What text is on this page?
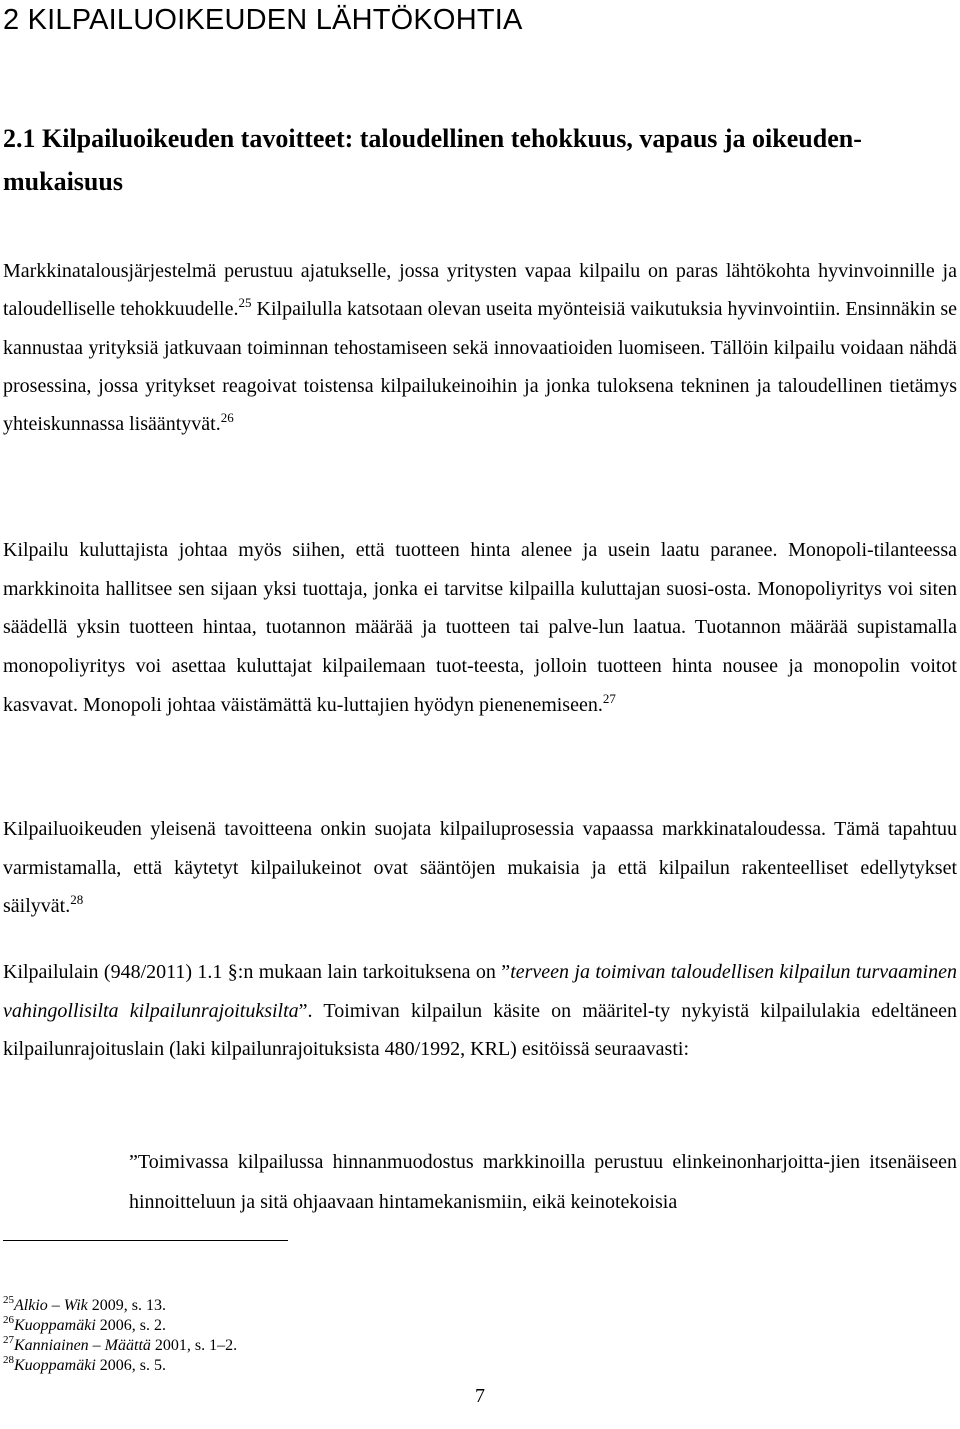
2 KILPAILUOIKEUDEN LÄHTÖKOHTIA
2.1 Kilpailuoikeuden tavoitteet: taloudellinen tehokkuus, vapaus ja oikeuden-mukaisuus

Markkinatalousjärjestelmä perustuu ajatukselle, jossa yritysten vapaa kilpailu on paras lähtökohta hyvinvoinnille ja taloudelliselle tehokkuudelle.$^{25}$ Kilpailulla katsotaan olevan useita myönteisiä vaikutuksia hyvinvointiin. Ensinnäkin se kannustaa yrityksiä jatkuvaan toiminnan tehostamiseen sekä innovaatioiden luomiseen. Tällöin kilpailu voidaan nähdä prosessina, jossa yritykset reagoivat toistensa kilpailukeinoihin ja jonka tuloksena tekninen ja taloudellinen tietämys yhteiskunnassa lisääntyvät.$^{26}$

Kilpailu kuluttajista johtaa myös siihen, että tuotteen hinta alenee ja usein laatu paranee. Monopoli-tilanteessa markkinoita hallitsee sen sijaan yksi tuottaja, jonka ei tarvitse kilpailla kuluttajan suosi-osta. Monopoliyritys voi siten säädellä yksin tuotteen hintaa, tuotannon määrää ja tuotteen tai palve-lun laatua. Tuotannon määrää supistamalla monopoliyritys voi asettaa kuluttajat kilpailemaan tuot-teesta, jolloin tuotteen hinta nousee ja monopolin voitot kasvavat. Monopoli johtaa väistämättä ku-luttajien hyödyn pienenemiseen.$^{27}$

Kilpailuoikeuden yleisenä tavoitteena onkin suojata kilpailuprosessia vapaassa markkinataloudessa. Tämä tapahtuu varmistamalla, että käytetyt kilpailukeinot ovat sääntöjen mukaisia ja että kilpailun rakenteelliset edellytykset säilyvät.$^{28}$

Kilpailulain (948/2011) 1.1 §:n mukaan lain tarkoituksena on ”terveen ja toimivan taloudellisen kilpailun turvaaminen vahingollisilta kilpailunrajoituksilta”. Toimivan kilpailun käsite on määritel-ty nykyistä kilpailulakia edeltäneen kilpailunrajoituslain (laki kilpailunrajoituksista 480/1992, KRL) esitöissä seuraavasti:

”Toimivassa kilpailussa hinnanmuodostus markkinoilla perustuu elinkeinonharjoitta-jien itsenäiseen hinnoitteluun ja sitä ohjaavaan hintamekanismiin, eikä keinotekoisia

$^{25}$Alkio – Wik 2009, s. 13.
$^{26}$Kuoppamäki 2006, s. 2.
$^{27}$Kanniainen – Määttä 2001, s. 1–2.
$^{28}$Kuoppamäki 2006, s. 5.
7
